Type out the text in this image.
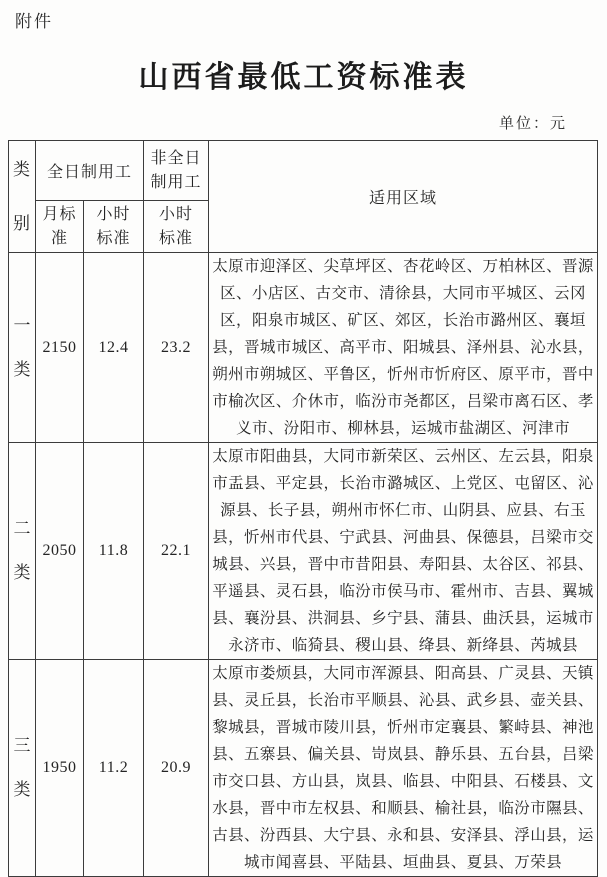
附件
山西省最低工资标准表
单位：元
类别	全日制用工		非全日制用工	适用区域

	月标准	小时标准	小时标准	

一类	2150	12.4	23.2	太原市迎泽区、尖草坪区、杏花岭区、万柏林区、晋源区、小店区、古交市、清徐县，大同市平城区、云冈区，阳泉市城区、矿区、郊区，长治市潞州区、襄垣县，晋城市城区、高平市、阳城县、泽州县、沁水县，朔州市朔城区、平鲁区，忻州市忻府区、原平市，晋中市榆次区、介休市，临汾市尧都区，吕梁市离石区、孝义市、汾阳市、柳林县，运城市盐湖区、河津市

二类	2050	11.8	22.1	太原市阳曲县，大同市新荣区、云州区、左云县，阳泉市盂县、平定县，长治市潞城区、上党区、屯留区、沁源县、长子县，朔州市怀仁市、山阴县、应县、右玉县，忻州市代县、宁武县、河曲县、保德县，吕梁市交城县、兴县，晋中市昔阳县、寿阳县、太谷区、祁县、平遥县、灵石县，临汾市侯马市、霍州市、吉县、翼城县、襄汾县、洪洞县、乡宁县、蒲县、曲沃县，运城市永济市、临猗县、稷山县、绛县、新绛县、芮城县

三类	1950	11.2	20.9	太原市娄烦县，大同市浑源县、阳高县、广灵县、天镇县、灵丘县，长治市平顺县、沁县、武乡县、壶关县、黎城县，晋城市陵川县，忻州市定襄县、繁峙县、神池县、五寨县、偏关县、岢岚县、静乐县、五台县，吕梁市交口县、方山县，岚县、临县、中阳县、石楼县、文水县，晋中市左权县、和顺县、榆社县，临汾市隰县、古县、汾西县、大宁县、永和县、安泽县、浮山县，运城市闻喜县、平陆县、垣曲县、夏县、万荣县
